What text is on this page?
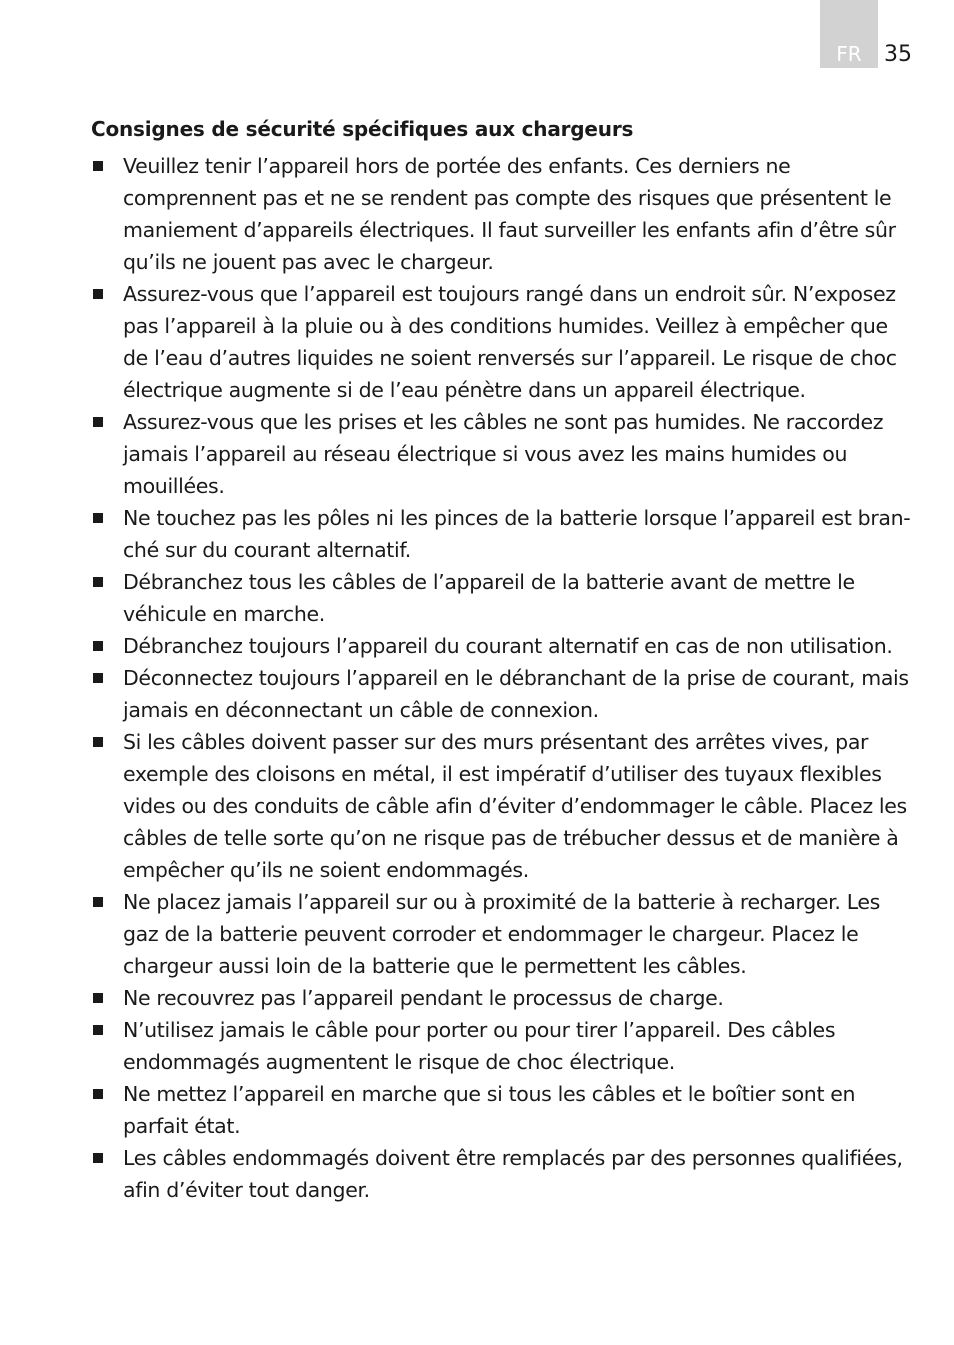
FR	35
Consignes de sécurité spécifiques aux chargeurs
Veuillez tenir l’appareil hors de portée des enfants. Ces derniers ne comprennent pas et ne se rendent pas compte des risques que présentent le maniement d’appareils électriques. Il faut surveiller les enfants afin d’être sûr qu’ils ne jouent pas avec le chargeur.
Assurez-vous que l’appareil est toujours rangé dans un endroit sûr. N’exposez pas l’appareil à la pluie ou à des conditions humides. Veillez à empêcher que de l’eau d’autres liquides ne soient renversés sur l’appareil. Le risque de choc électrique augmente si de l’eau pénètre dans un appareil électrique.
Assurez-vous que les prises et les câbles ne sont pas humides. Ne raccordez jamais l’appareil au réseau électrique si vous avez les mains humides ou mouillées.
Ne touchez pas les pôles ni les pinces de la batterie lorsque l’appareil est bran-ché sur du courant alternatif.
Débranchez tous les câbles de l’appareil de la batterie avant de mettre le véhicule en marche.
Débranchez toujours l’appareil du courant alternatif en cas de non utilisation.
Déconnectez toujours l’appareil en le débranchant de la prise de courant, mais jamais en déconnectant un câble de connexion.
Si les câbles doivent passer sur des murs présentant des arrêtes vives, par exemple des cloisons en métal, il est impératif d’utiliser des tuyaux flexibles vides ou des conduits de câble afin d’éviter d’endommager le câble. Placez les câbles de telle sorte qu’on ne risque pas de trébucher dessus et de manière à empêcher qu’ils ne soient endommagés.
Ne placez jamais l’appareil sur ou à proximité de la batterie à recharger. Les gaz de la batterie peuvent corroder et endommager le chargeur. Placez le chargeur aussi loin de la batterie que le permettent les câbles.
Ne recouvrez pas l’appareil pendant le processus de charge.
N’utilisez jamais le câble pour porter ou pour tirer l’appareil. Des câbles endommagés augmentent le risque de choc électrique.
Ne mettez l’appareil en marche que si tous les câbles et le boîtier sont en parfait état.
Les câbles endommagés doivent être remplacés par des personnes qualifiées, afin d’éviter tout danger.
